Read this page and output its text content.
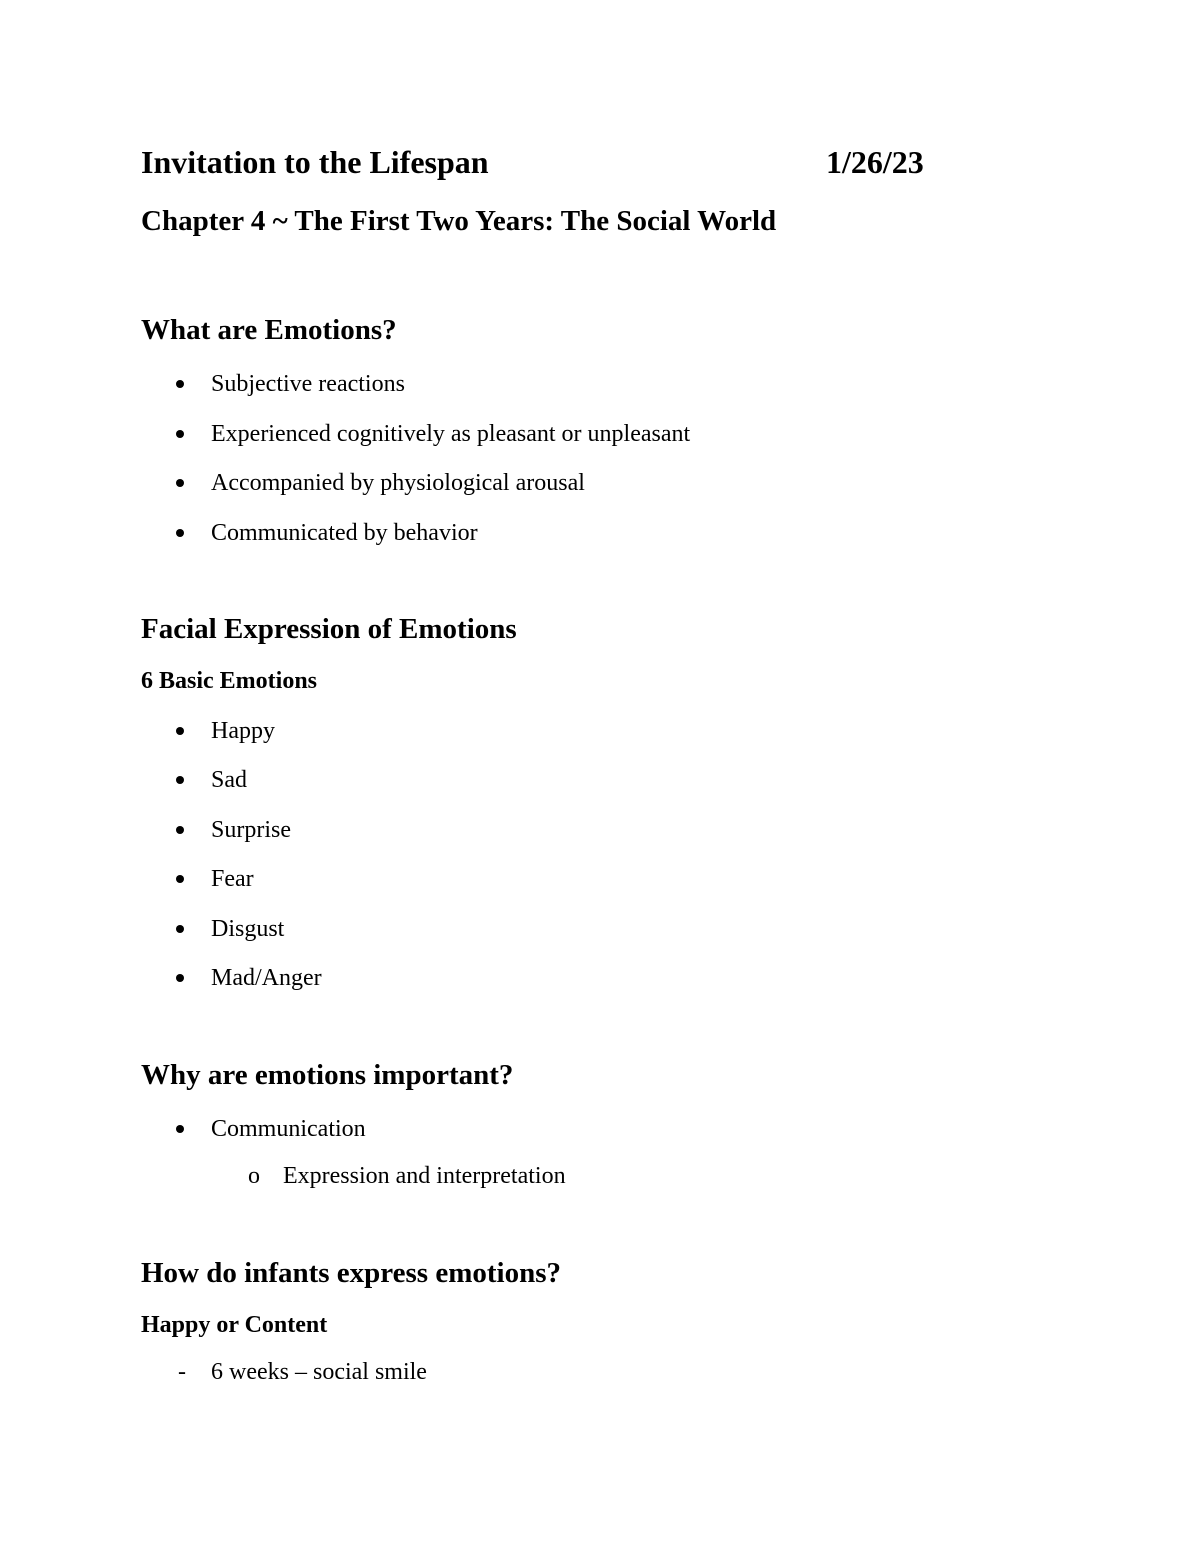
Invitation to the Lifespan	1/26/23
Chapter 4 ~ The First Two Years: The Social World
What are Emotions?
Subjective reactions
Experienced cognitively as pleasant or unpleasant
Accompanied by physiological arousal
Communicated by behavior
Facial Expression of Emotions
6 Basic Emotions
Happy
Sad
Surprise
Fear
Disgust
Mad/Anger
Why are emotions important?
Communication
o Expression and interpretation
How do infants express emotions?
Happy or Content
- 6 weeks – social smile
